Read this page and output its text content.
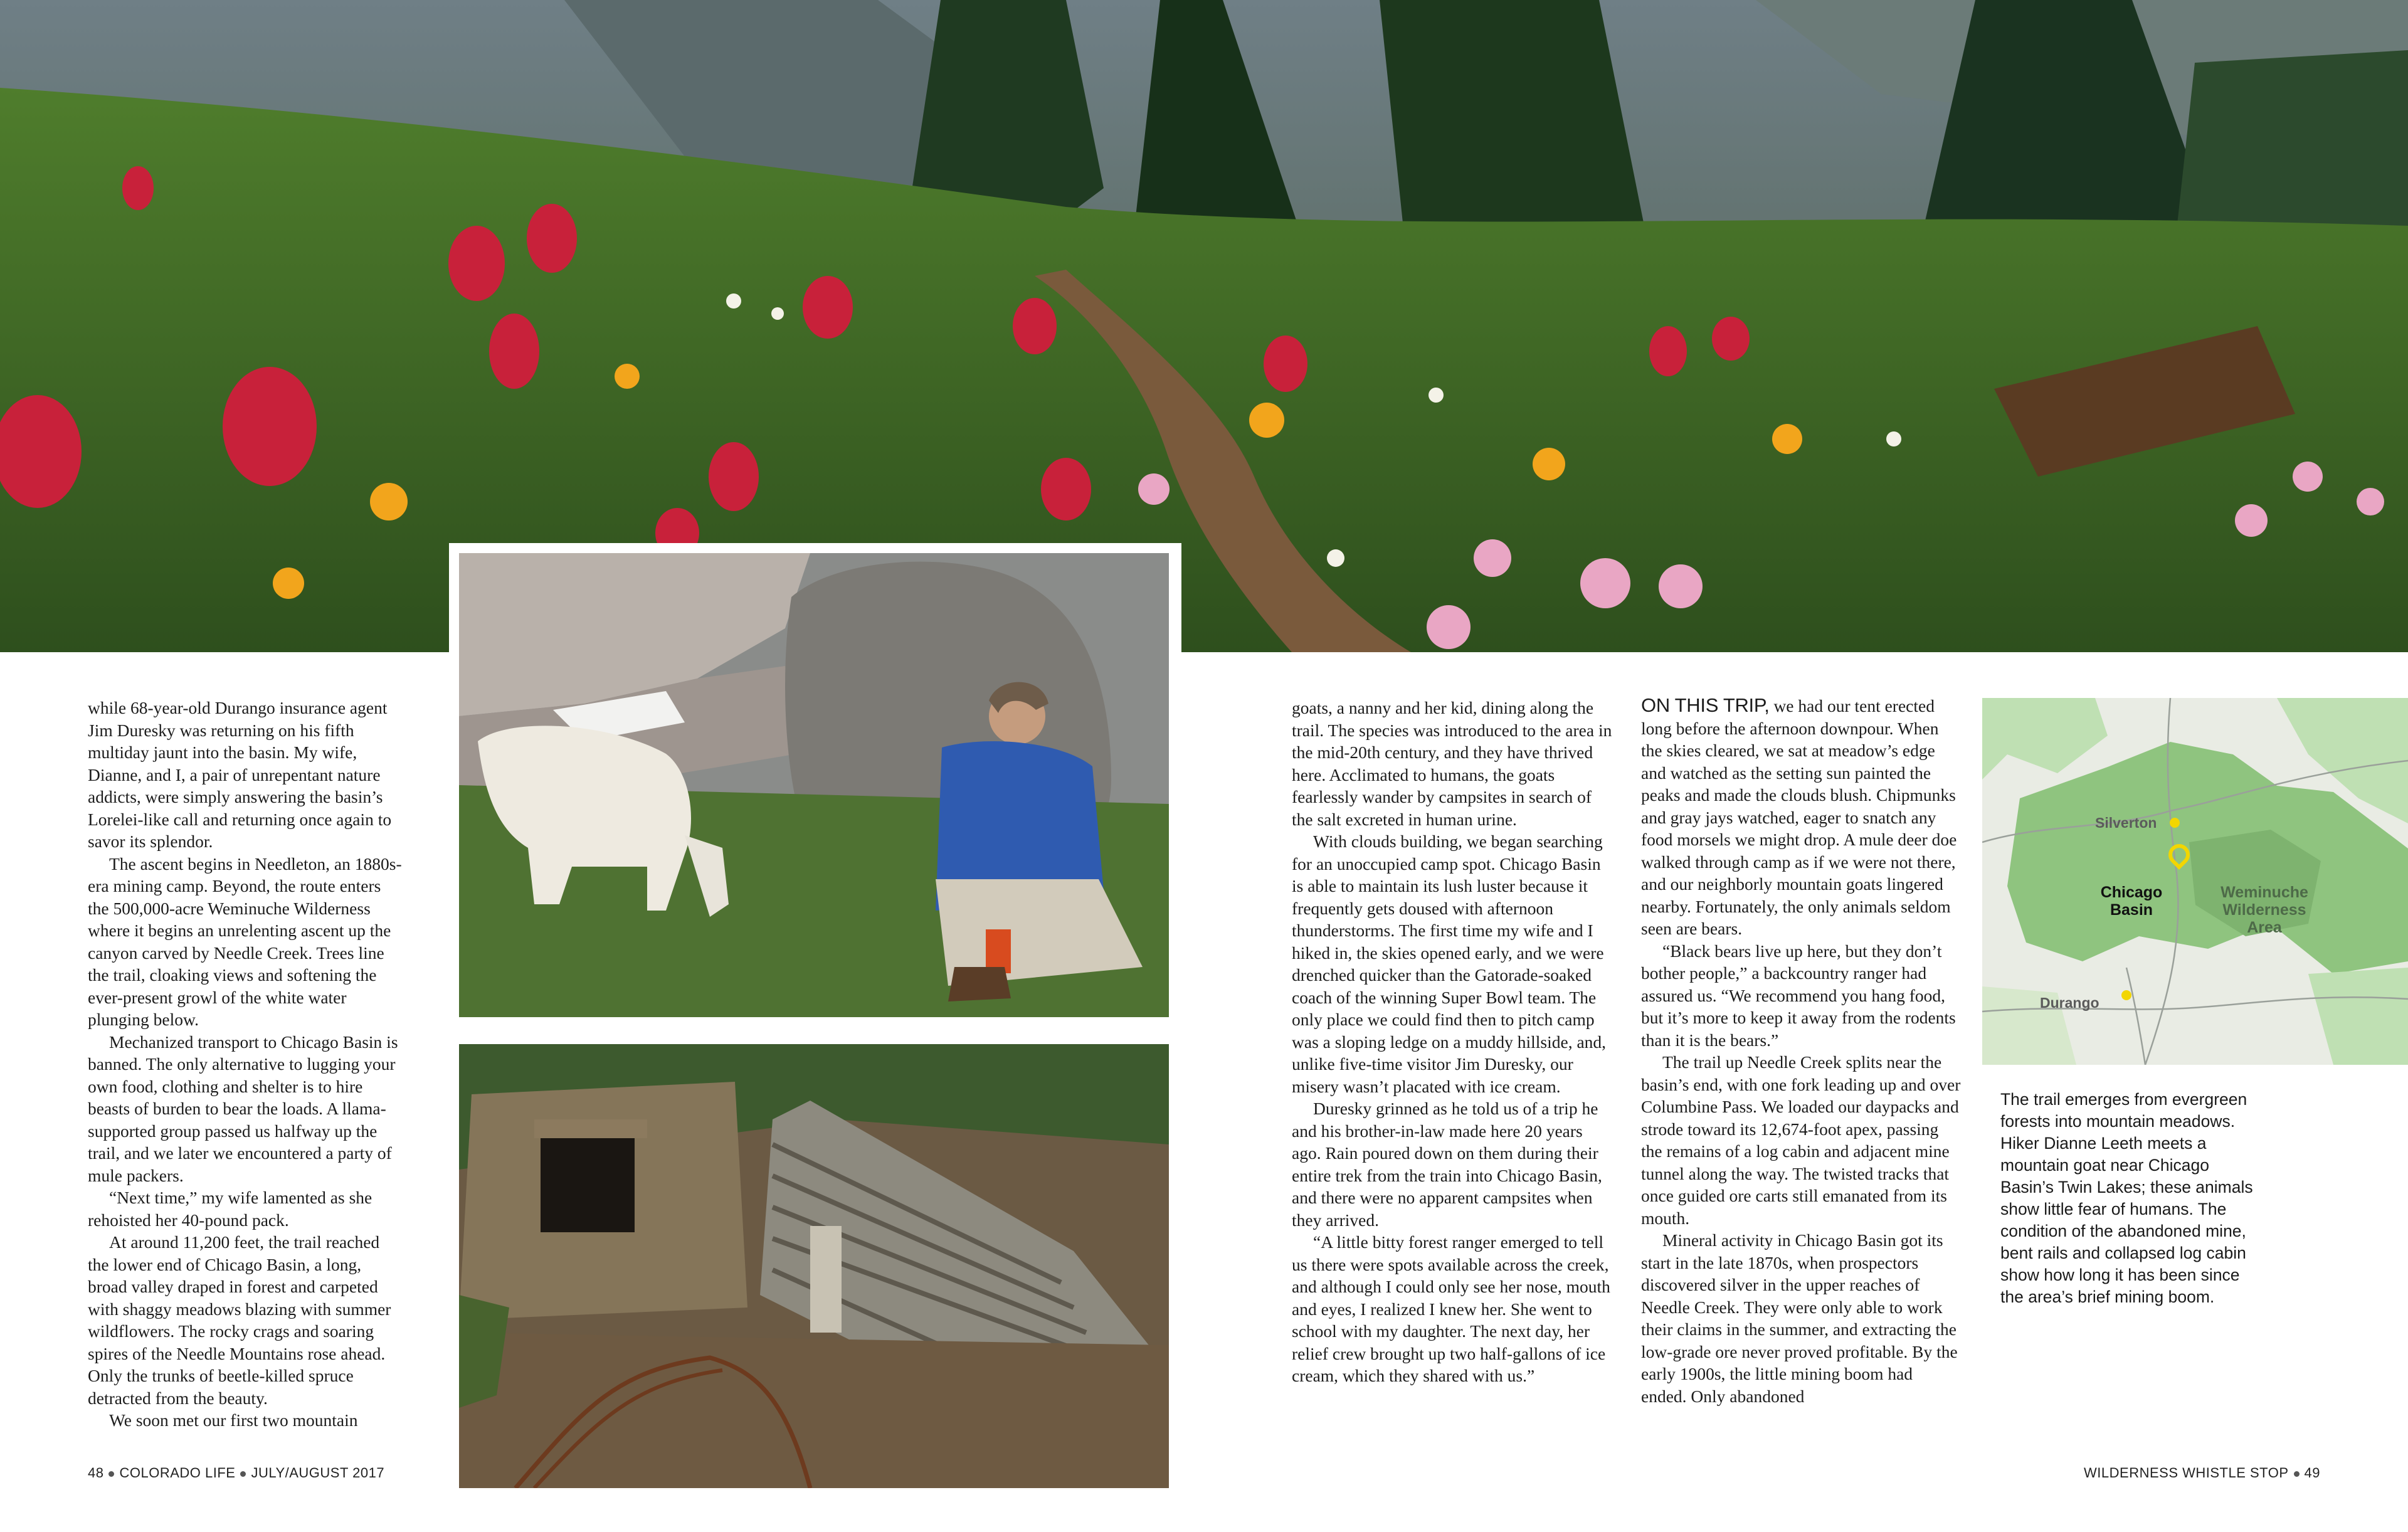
while 68-year-old Durango insurance agent Jim Duresky was returning on his fifth multiday jaunt into the basin. My wife, Dianne, and I, a pair of unrepentant nature addicts, were simply answering the basin’s Lorelei-like call and returning once again to savor its splendor.

The ascent begins in Needleton, an 1880s-era mining camp. Beyond, the route enters the 500,000-acre Weminuche Wilderness where it begins an unrelenting ascent up the canyon carved by Needle Creek. Trees line the trail, cloaking views and softening the ever-present growl of the white water plunging below.

Mechanized transport to Chicago Basin is banned. The only alternative to lugging your own food, clothing and shelter is to hire beasts of burden to bear the loads. A llama-supported group passed us halfway up the trail, and we later we encountered a party of mule packers.

“Next time,” my wife lamented as she rehoisted her 40-pound pack.

At around 11,200 feet, the trail reached the lower end of Chicago Basin, a long, broad valley draped in forest and carpeted with shaggy meadows blazing with summer wildflowers. The rocky crags and soaring spires of the Needle Mountains rose ahead. Only the trunks of beetle-killed spruce detracted from the beauty.

We soon met our first two mountain

goats, a nanny and her kid, dining along the trail. The species was introduced to the area in the mid-20th century, and they have thrived here. Acclimated to humans, the goats fearlessly wander by campsites in search of the salt excreted in human urine.

With clouds building, we began searching for an unoccupied camp spot. Chicago Basin is able to maintain its lush luster because it frequently gets doused with afternoon thunderstorms. The first time my wife and I hiked in, the skies opened early, and we were drenched quicker than the Gatorade-soaked coach of the winning Super Bowl team. The only place we could find then to pitch camp was a sloping ledge on a muddy hillside, and, unlike five-time visitor Jim Duresky, our misery wasn’t placated with ice cream.

Duresky grinned as he told us of a trip he and his brother-in-law made here 20 years ago. Rain poured down on them during their entire trek from the train into Chicago Basin, and there were no apparent campsites when they arrived.

“A little bitty forest ranger emerged to tell us there were spots available across the creek, and although I could only see her nose, mouth and eyes, I realized I knew her. She went to school with my daughter. The next day, her relief crew brought up two half-gallons of ice cream, which they shared with us.”

ON THIS TRIP, we had our tent erected long before the afternoon downpour. When the skies cleared, we sat at meadow’s edge and watched as the setting sun painted the peaks and made the clouds blush. Chipmunks and gray jays watched, eager to snatch any food morsels we might drop. A mule deer doe walked through camp as if we were not there, and our neighborly mountain goats lingered nearby. Fortunately, the only animals seldom seen are bears.

“Black bears live up here, but they don’t bother people,” a backcountry ranger had assured us. “We recommend you hang food, but it’s more to keep it away from the rodents than it is the bears.”

The trail up Needle Creek splits near the basin’s end, with one fork leading up and over Columbine Pass. We loaded our daypacks and strode toward its 12,674-foot apex, passing the remains of a log cabin and adjacent mine tunnel along the way. The twisted tracks that once guided ore carts still emanated from its mouth.

Mineral activity in Chicago Basin got its start in the late 1870s, when prospectors discovered silver in the upper reaches of Needle Creek. They were only able to work their claims in the summer, and extracting the low-grade ore never proved profitable. By the early 1900s, the little mining boom had ended. Only abandoned

Silverton
Chicago Basin
Weminuche Wilderness Area
Durango
The trail emerges from evergreen forests into mountain meadows. Hiker Dianne Leeth meets a mountain goat near Chicago Basin’s Twin Lakes; these animals show little fear of humans. The condition of the abandoned mine, bent rails and collapsed log cabin show how long it has been since the area’s brief mining boom.
48 COLORADO LIFE JULY/AUGUST 2017	WILDERNESS WHISTLE STOP 49
